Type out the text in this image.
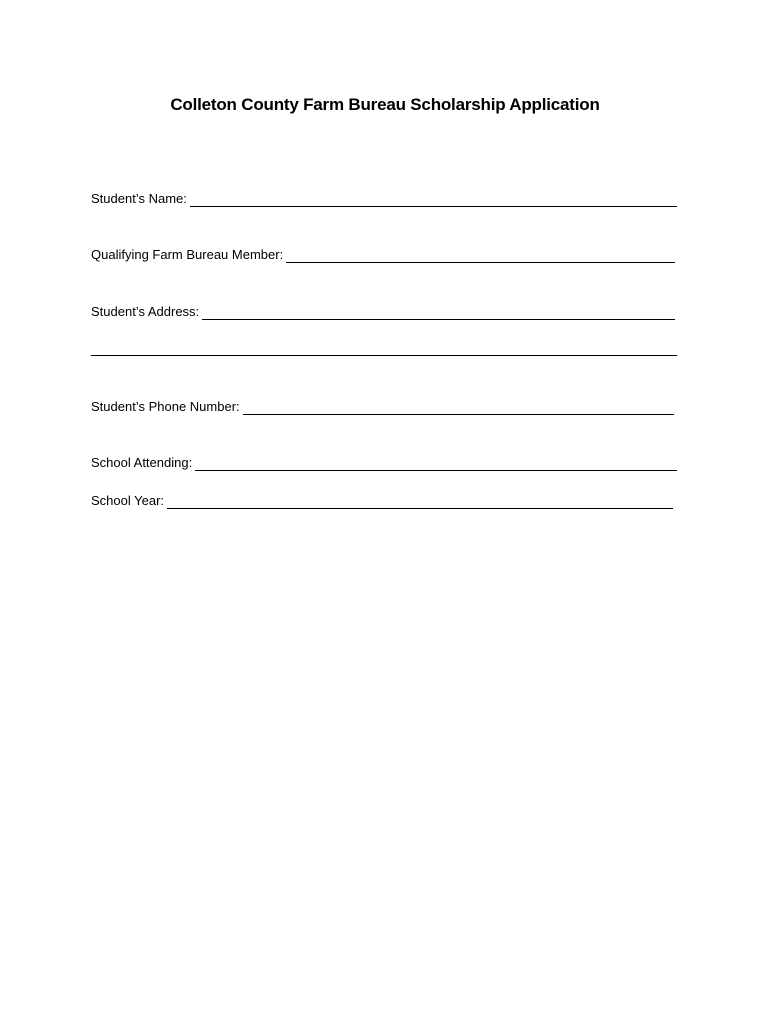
Colleton County Farm Bureau Scholarship Application
Student’s Name:
Qualifying Farm Bureau Member:
Student’s Address:
Student’s Phone Number:
School Attending:
School Year:
